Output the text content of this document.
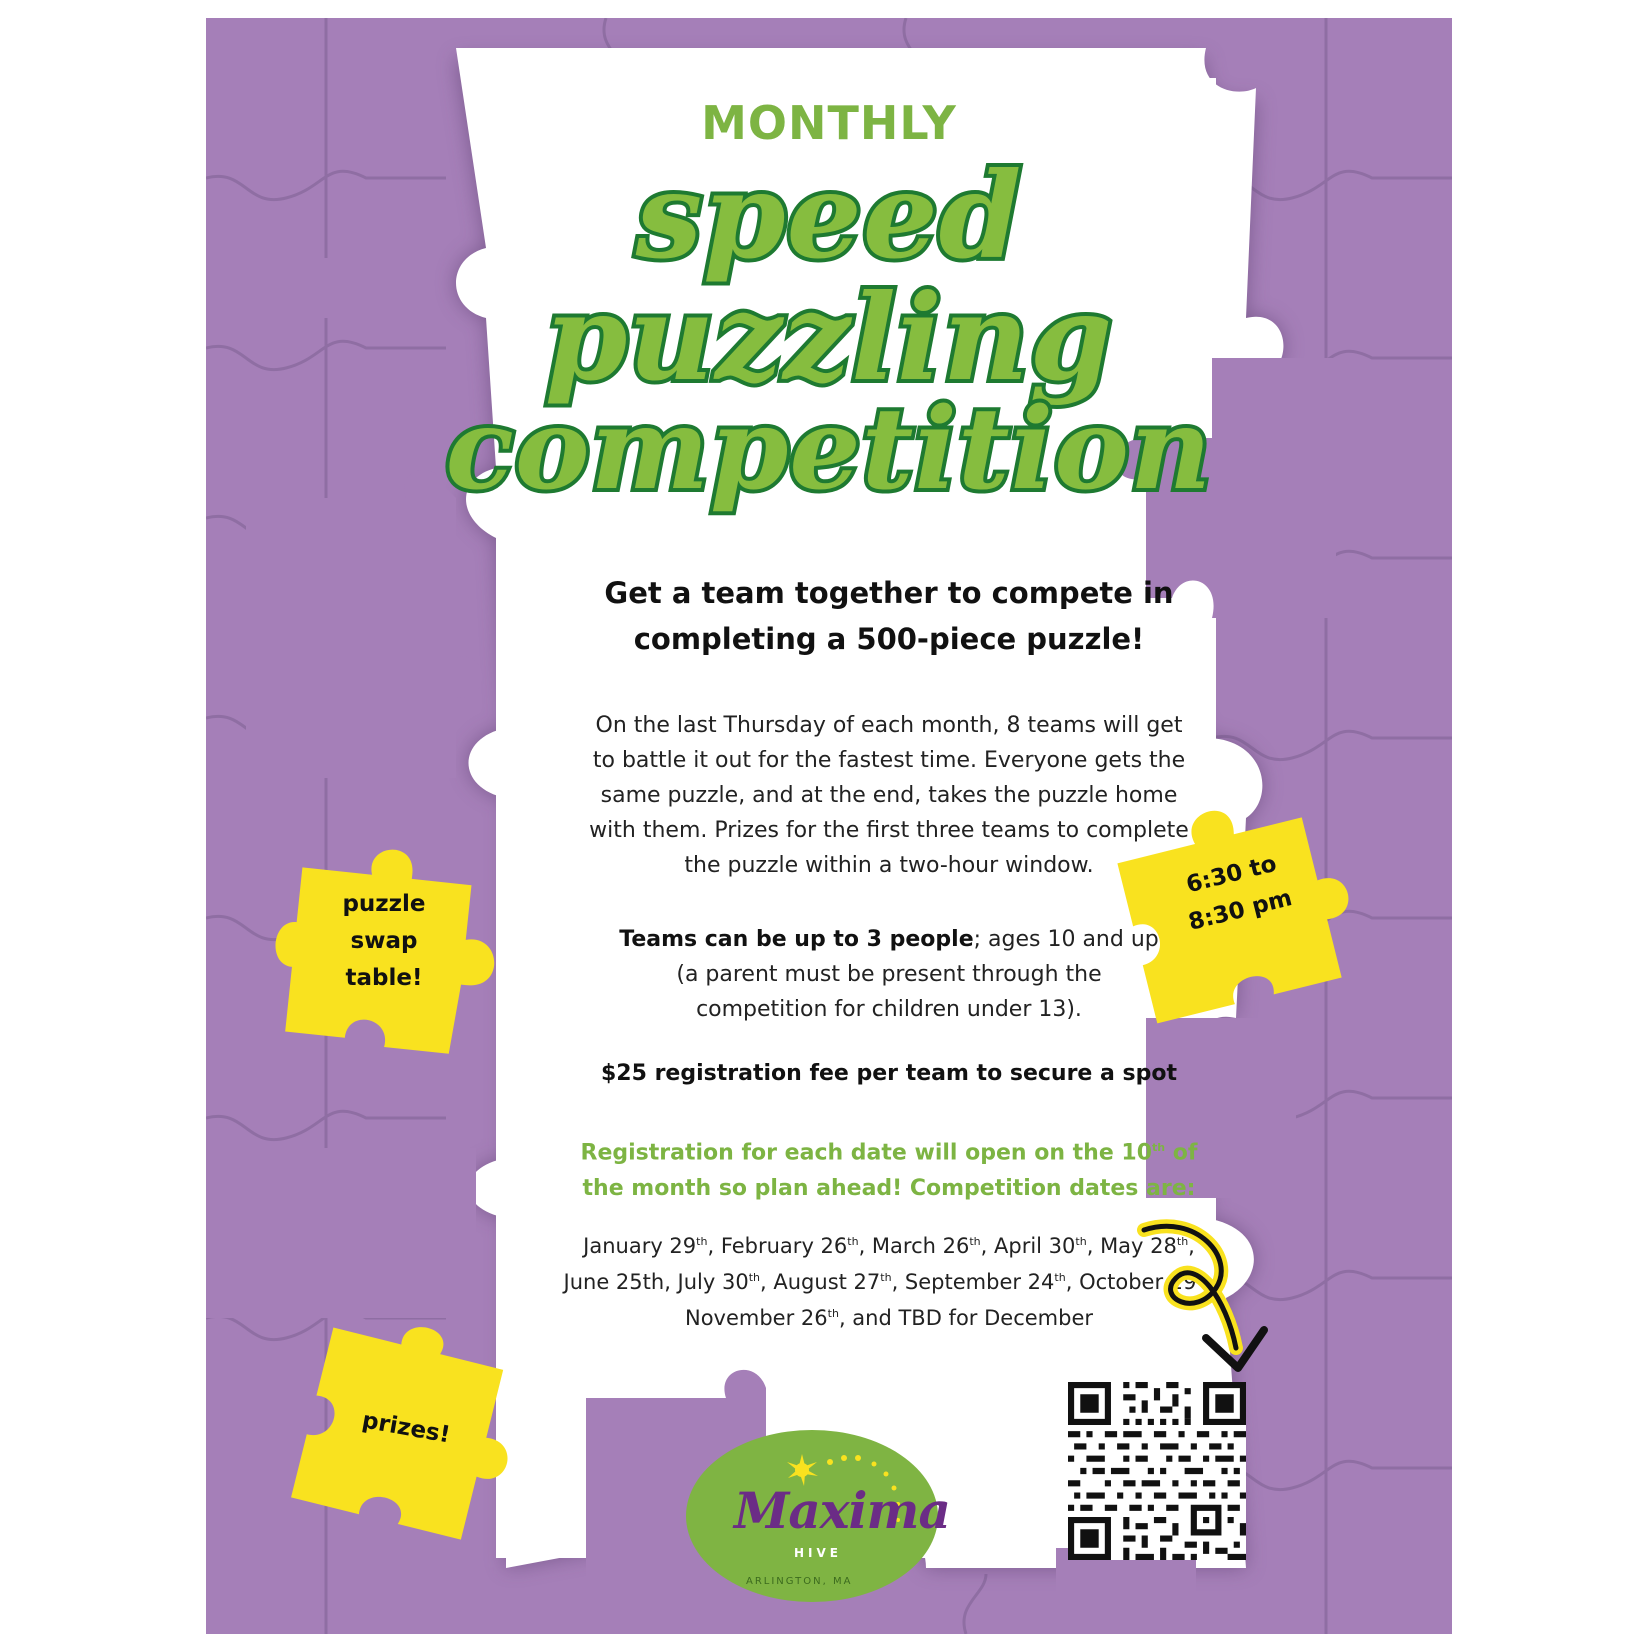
MONTHLY
speed
puzzling
competition
Get a team together to compete in
completing a 500-piece puzzle!
On the last Thursday of each month, 8 teams will get
to battle it out for the fastest time. Everyone gets the
same puzzle, and at the end, takes the puzzle home
with them. Prizes for the first three teams to complete
the puzzle within a two-hour window.
Teams can be up to 3 people; ages 10 and up
(a parent must be present through the
competition for children under 13).
$25 registration fee per team to secure a spot
Registration for each date will open on the 10th of
the month so plan ahead! Competition dates are:
January 29th, February 26th, March 26th, April 30th, May 28th,
June 25th, July 30th, August 27th, September 24th, October 29th,
November 26th, and TBD for December
puzzle
swap
table!
6:30 to
8:30 pm
prizes!
Maxima
HIVE
ARLINGTON, MA
